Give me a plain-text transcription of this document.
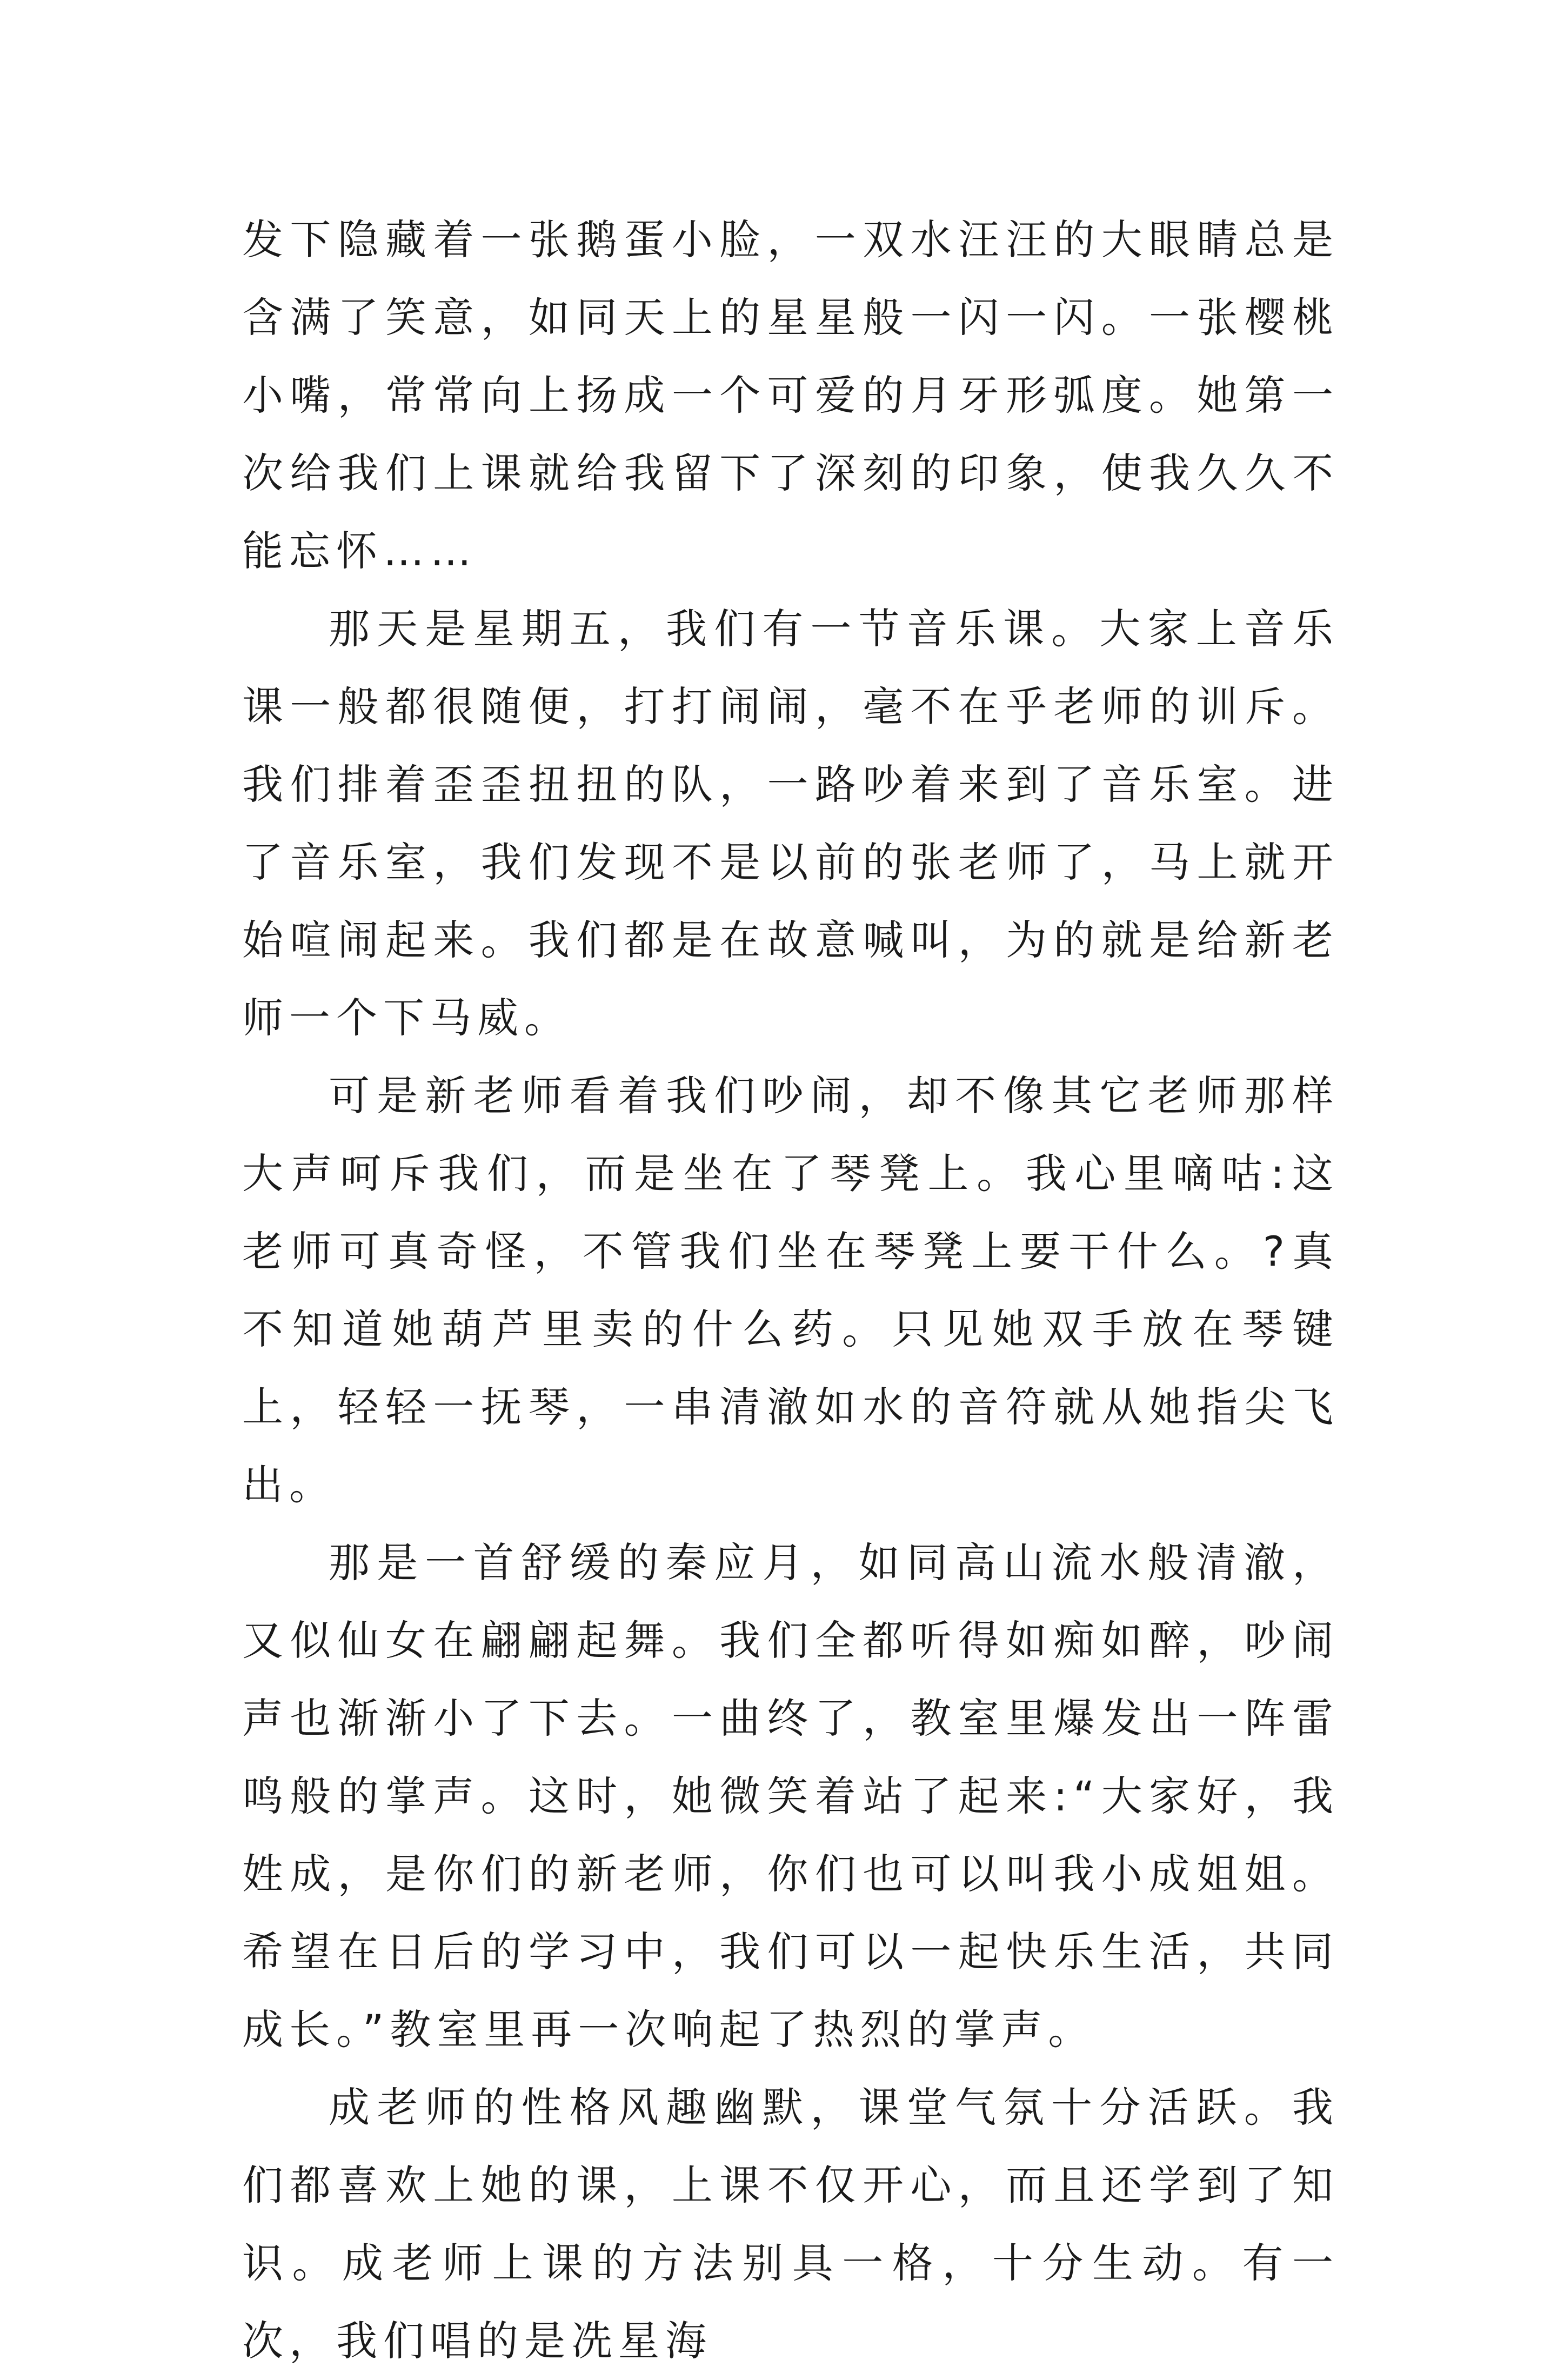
发下隐藏着一张鹅蛋小脸，一双水汪汪的大眼睛总是含满了笑意，如同天上的星星般一闪一闪。一张樱桃小嘴，常常向上扬成一个可爱的月牙形弧度。她第一次给我们上课就给我留下了深刻的印象，使我久久不能忘怀……

那天是星期五，我们有一节音乐课。大家上音乐课一般都很随便，打打闹闹，毫不在乎老师的训斥。我们排着歪歪扭扭的队，一路吵着来到了音乐室。进了音乐室，我们发现不是以前的张老师了，马上就开始喧闹起来。我们都是在故意喊叫，为的就是给新老师一个下马威。

可是新老师看着我们吵闹，却不像其它老师那样大声呵斥我们，而是坐在了琴凳上。我心里嘀咕:这老师可真奇怪，不管我们坐在琴凳上要干什么。?真不知道她葫芦里卖的什么药。只见她双手放在琴键上，轻轻一抚琴，一串清澈如水的音符就从她指尖飞出。

那是一首舒缓的秦应月，如同高山流水般清澈，又似仙女在翩翩起舞。我们全都听得如痴如醉，吵闹声也渐渐小了下去。一曲终了，教室里爆发出一阵雷鸣般的掌声。这时，她微笑着站了起来:“大家好，我姓成，是你们的新老师，你们也可以叫我小成姐姐。希望在日后的学习中，我们可以一起快乐生活，共同成长。”教室里再一次响起了热烈的掌声。

成老师的性格风趣幽默，课堂气氛十分活跃。我们都喜欢上她的课，上课不仅开心，而且还学到了知识。成老师上课的方法别具一格，十分生动。有一次，我们唱的是冼星海
